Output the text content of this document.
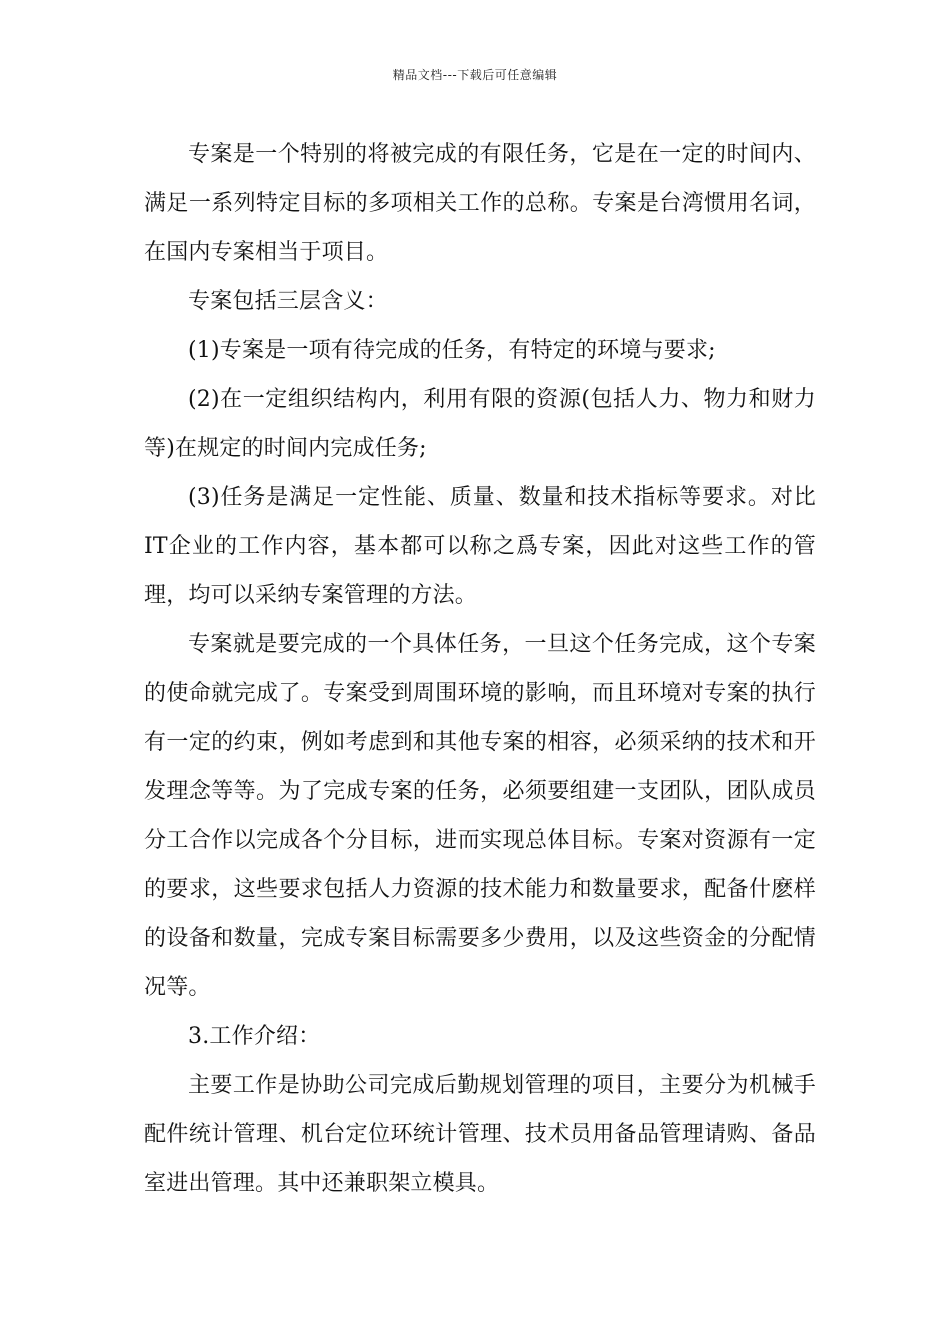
精品文档---下载后可任意编辑

专案是一个特别的将被完成的有限任务，它是在一定的时间内、满足一系列特定目标的多项相关工作的总称。专案是台湾惯用名词，在国内专案相当于项目。

专案包括三层含义：

(1)专案是一项有待完成的任务，有特定的环境与要求;

(2)在一定组织结构内，利用有限的资源(包括人力、物力和财力等)在规定的时间内完成任务;

(3)任务是满足一定性能、质量、数量和技术指标等要求。对比IT企业的工作内容，基本都可以称之爲专案，因此对这些工作的管理，均可以采纳专案管理的方法。

专案就是要完成的一个具体任务，一旦这个任务完成，这个专案的使命就完成了。专案受到周围环境的影响，而且环境对专案的执行有一定的约束，例如考虑到和其他专案的相容，必须采纳的技术和开发理念等等。为了完成专案的任务，必须要组建一支团队，团队成员分工合作以完成各个分目标，进而实现总体目标。专案对资源有一定的要求，这些要求包括人力资源的技术能力和数量要求，配备什麽样的设备和数量，完成专案目标需要多少费用，以及这些资金的分配情况等。

3.工作介绍：

主要工作是协助公司完成后勤规划管理的项目，主要分为机械手配件统计管理、机台定位环统计管理、技术员用备品管理请购、备品室进出管理。其中还兼职架立模具。
